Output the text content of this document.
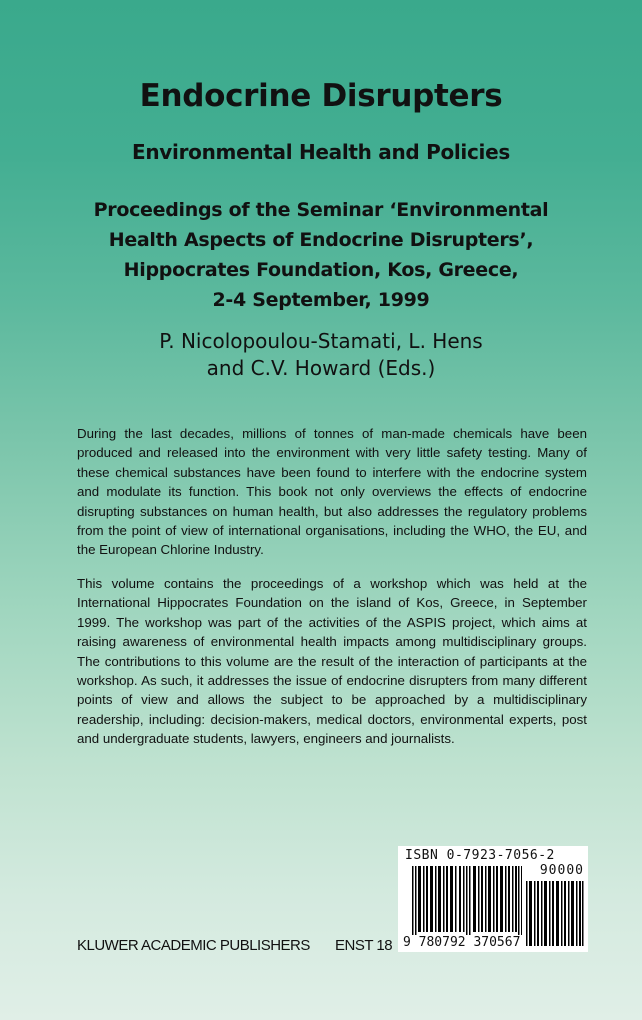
Endocrine Disrupters
Environmental Health and Policies
Proceedings of the Seminar ‘Environmental
Health Aspects of Endocrine Disrupters’,
Hippocrates Foundation, Kos, Greece,
2-4 September, 1999
P. Nicolopoulou-Stamati, L. Hens
and C.V. Howard (Eds.)

During the last decades, millions of tonnes of man-made chemicals have been produced and released into the environment with very little safety testing. Many of these chemical substances have been found to interfere with the endocrine system and modulate its function. This book not only overviews the effects of endocrine disrupting substances on human health, but also addresses the regulatory problems from the point of view of international organisations, including the WHO, the EU, and the European Chlorine Industry.

This volume contains the proceedings of a workshop which was held at the International Hippocrates Foundation on the island of Kos, Greece, in September 1999. The workshop was part of the activities of the ASPIS project, which aims at raising awareness of environmental health impacts among multidisciplinary groups. The contributions to this volume are the result of the interaction of participants at the workshop. As such, it addresses the issue of endocrine disrupters from many different points of view and allows the subject to be approached by a multidisciplinary readership, including: decision-makers, medical doctors, environmental experts, post and undergraduate students, lawyers, engineers and journalists.

KLUWER ACADEMIC PUBLISHERS ENST 18
ISBN 0-7923-7056-2
90000
9 780792 370567
